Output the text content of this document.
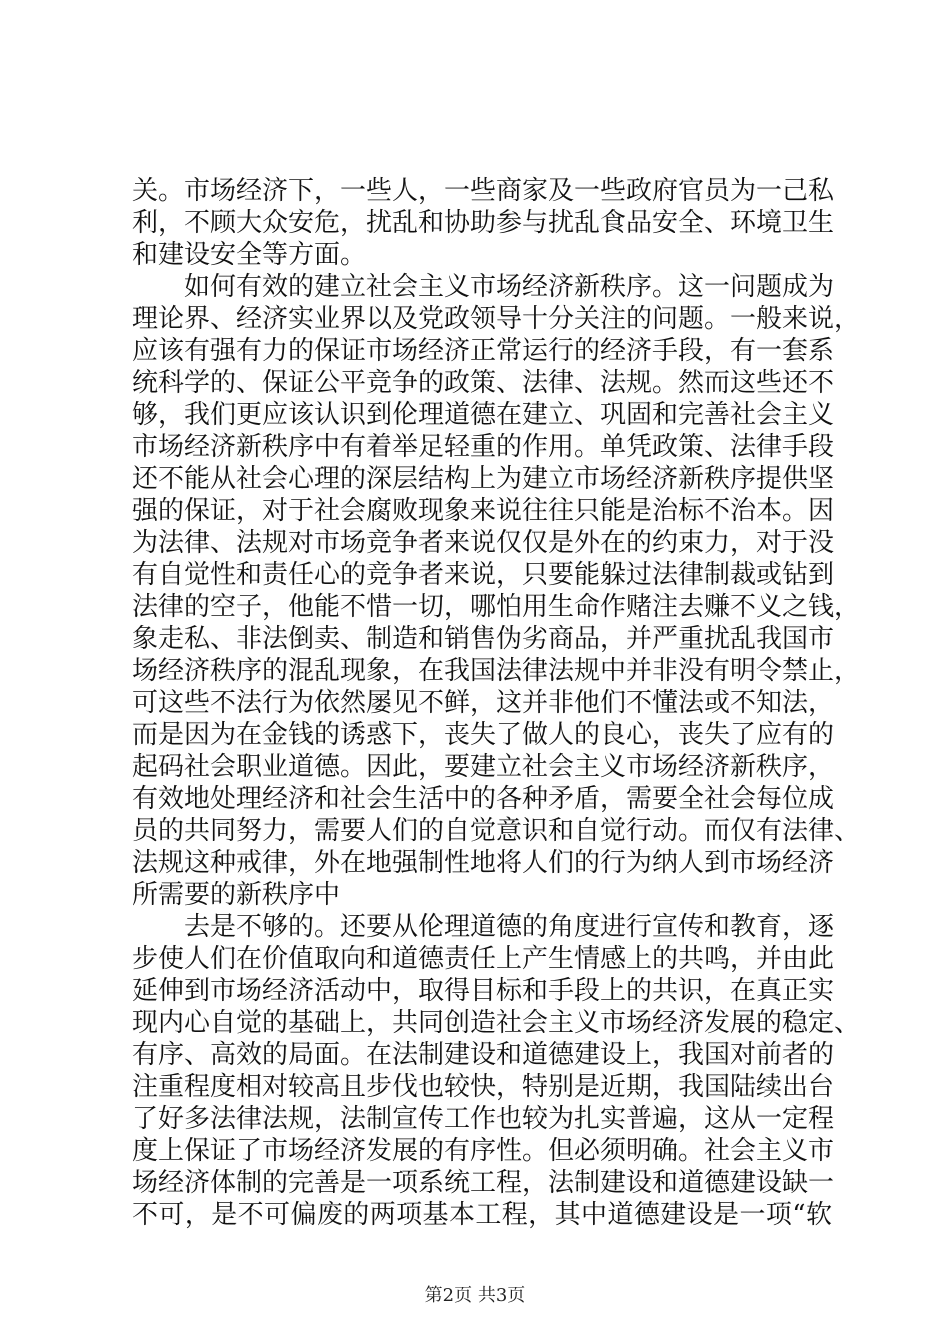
关。市场经济下，一些人，一些商家及一些政府官员为一己私
利，不顾大众安危，扰乱和协助参与扰乱食品安全、环境卫生
和建设安全等方面。
如何有效的建立社会主义市场经济新秩序。这一问题成为
理论界、经济实业界以及党政领导十分关注的问题。一般来说，
应该有强有力的保证市场经济正常运行的经济手段，有一套系
统科学的、保证公平竞争的政策、法律、法规。然而这些还不
够，我们更应该认识到伦理道德在建立、巩固和完善社会主义
市场经济新秩序中有着举足轻重的作用。单凭政策、法律手段
还不能从社会心理的深层结构上为建立市场经济新秩序提供坚
强的保证，对于社会腐败现象来说往往只能是治标不治本。因
为法律、法规对市场竞争者来说仅仅是外在的约束力，对于没
有自觉性和责任心的竞争者来说，只要能躲过法律制裁或钻到
法律的空子，他能不惜一切，哪怕用生命作赌注去赚不义之钱，
象走私、非法倒卖、制造和销售伪劣商品，并严重扰乱我国市
场经济秩序的混乱现象，在我国法律法规中并非没有明令禁止，
可这些不法行为依然屡见不鲜，这并非他们不懂法或不知法，
而是因为在金钱的诱惑下，丧失了做人的良心，丧失了应有的
起码社会职业道德。因此，要建立社会主义市场经济新秩序，
有效地处理经济和社会生活中的各种矛盾，需要全社会每位成
员的共同努力，需要人们的自觉意识和自觉行动。而仅有法律、
法规这种戒律，外在地强制性地将人们的行为纳人到市场经济
所需要的新秩序中
去是不够的。还要从伦理道德的角度进行宣传和教育，逐
步使人们在价值取向和道德责任上产生情感上的共鸣，并由此
延伸到市场经济活动中，取得目标和手段上的共识，在真正实
现内心自觉的基础上，共同创造社会主义市场经济发展的稳定、
有序、高效的局面。在法制建设和道德建设上，我国对前者的
注重程度相对较高且步伐也较快，特别是近期，我国陆续出台
了好多法律法规，法制宣传工作也较为扎实普遍，这从一定程
度上保证了市场经济发展的有序性。但必须明确。社会主义市
场经济体制的完善是一项系统工程，法制建设和道德建设缺一
不可，是不可偏废的两项基本工程，其中道德建设是一项“软
第2页 共3页
